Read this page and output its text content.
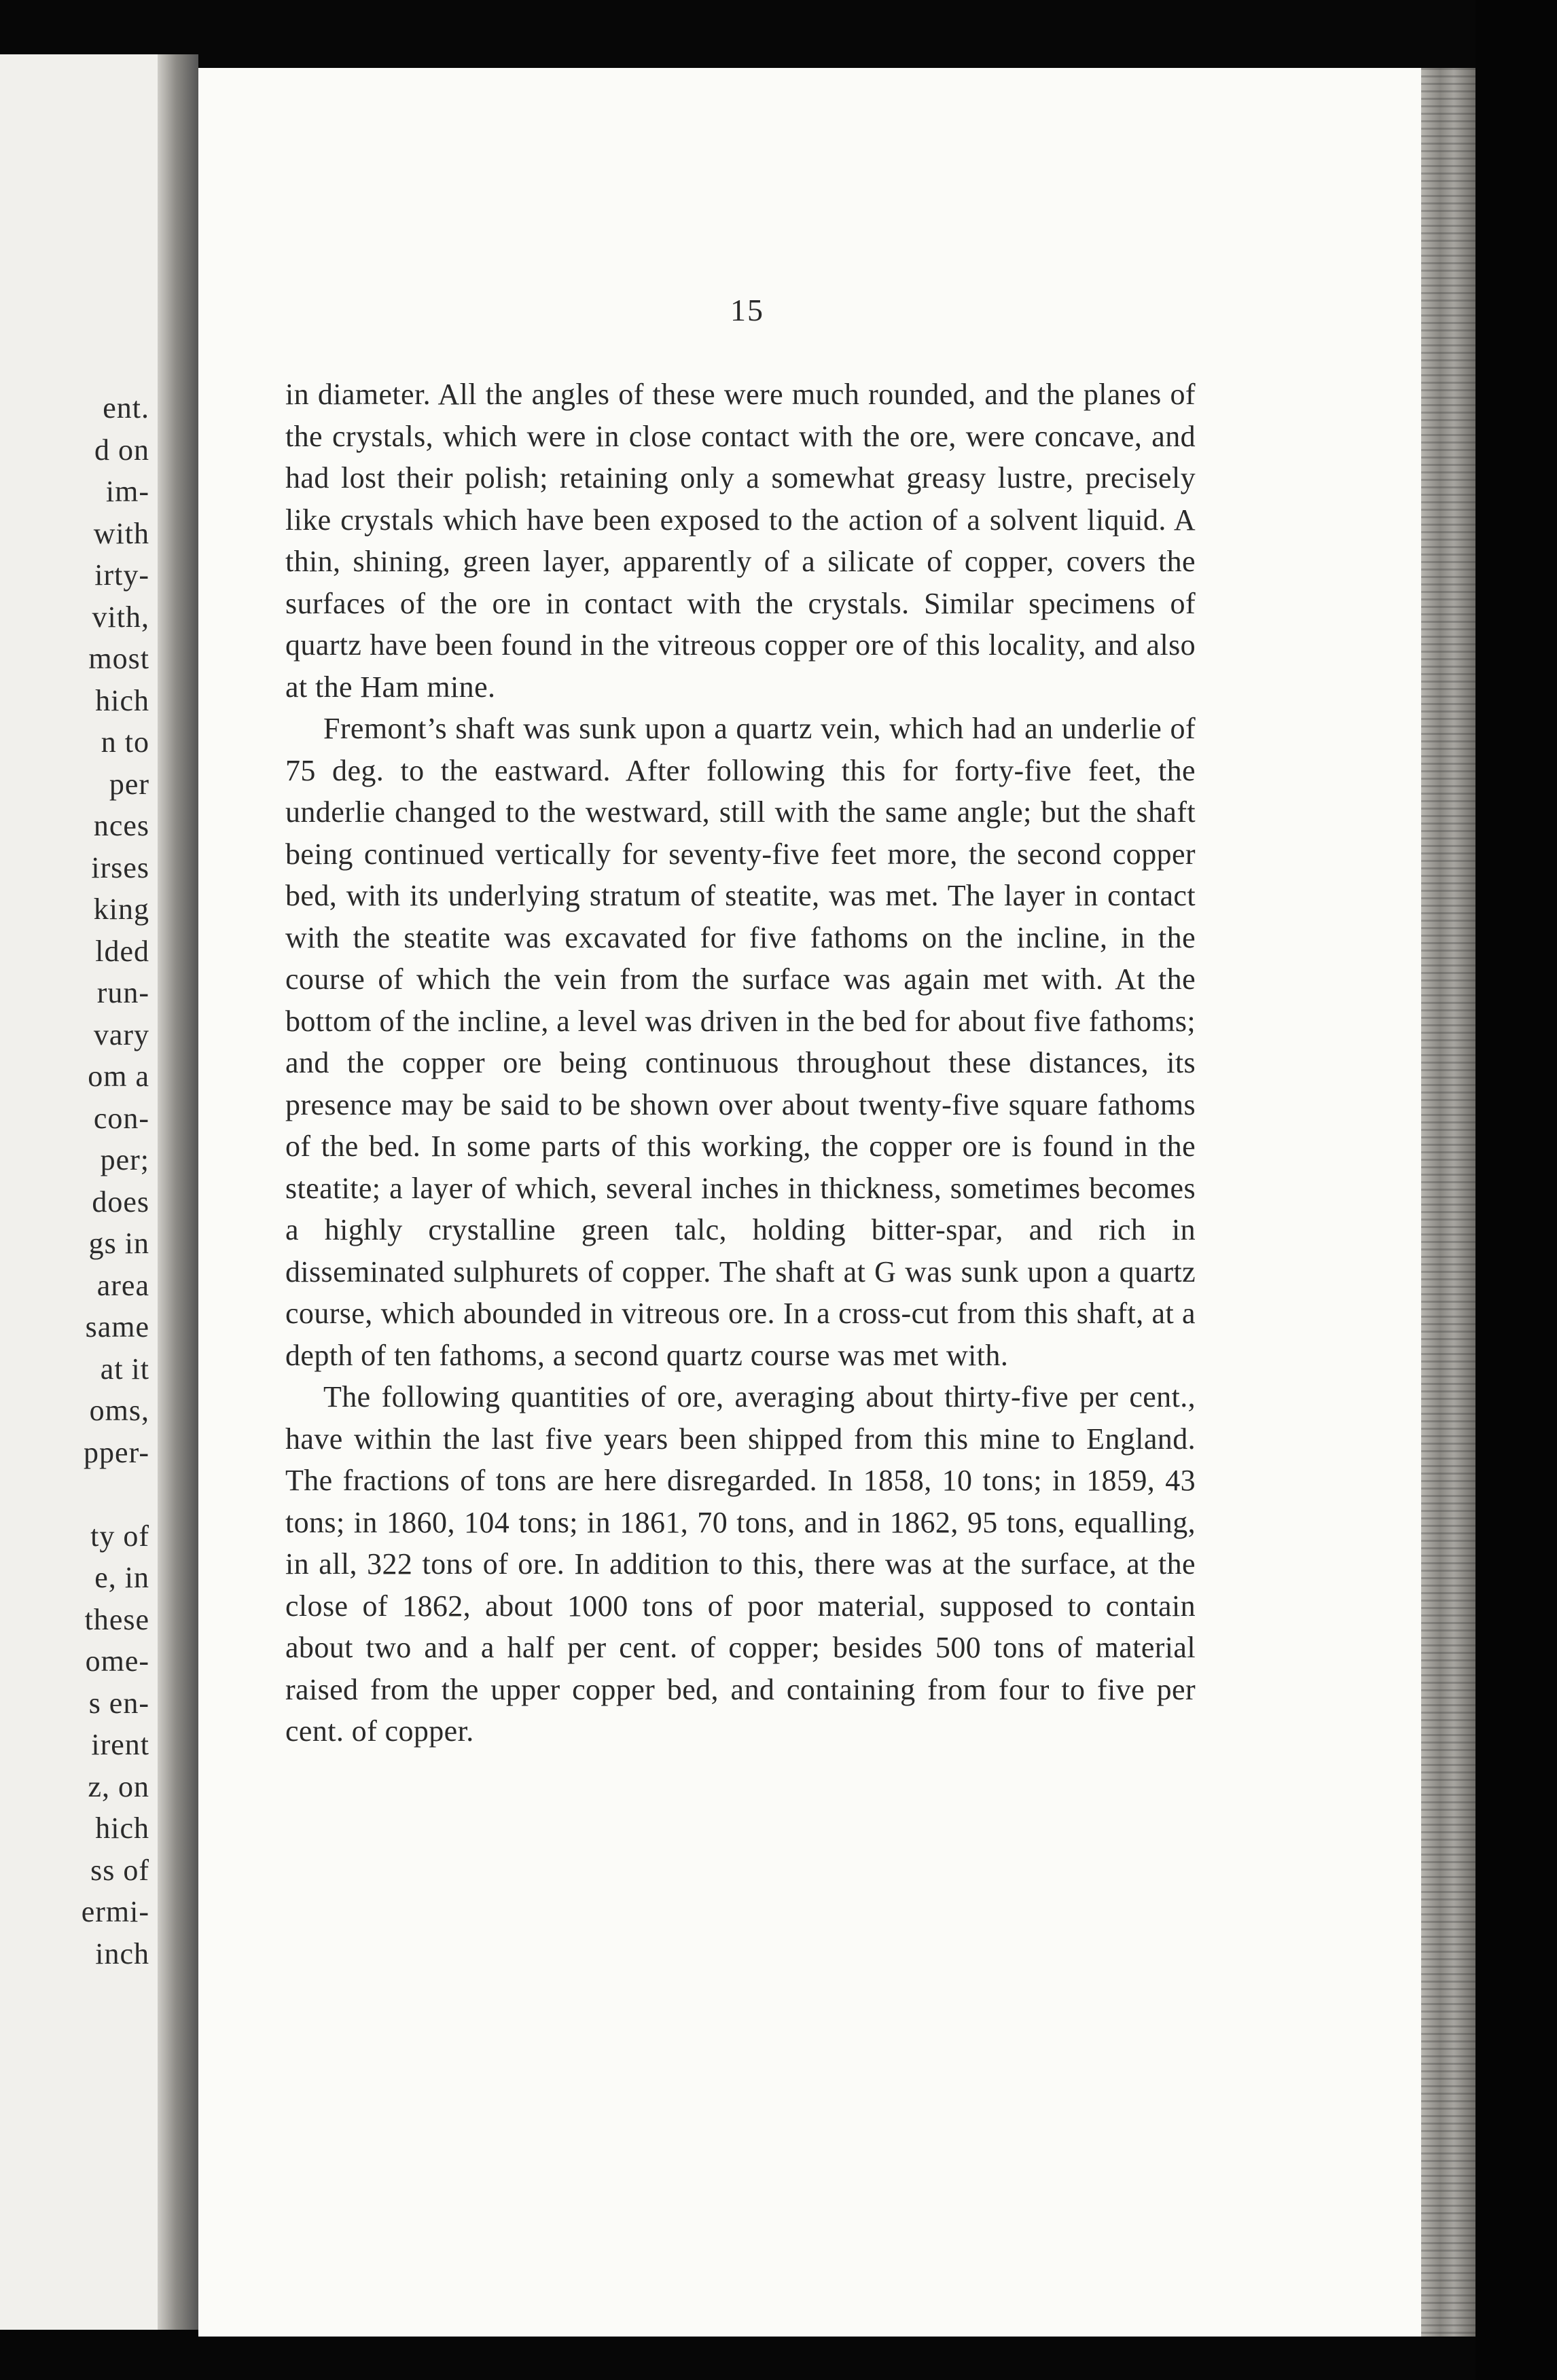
ent.
d on
im-
with
irty-
vith,
most
hich
n to
per
nces
irses
king
lded
run-
vary
om a
con-
per;
does
gs in
area
same
at it
oms,
pper-

ty of
e, in
these
ome-
s en-
irent
z, on
hich
ss of
ermi-
inch
15

in diameter. All the angles of these were much rounded, and the planes of the crystals, which were in close contact with the ore, were concave, and had lost their polish; retaining only a somewhat greasy lustre, precisely like crystals which have been exposed to the action of a solvent liquid. A thin, shining, green layer, apparently of a silicate of copper, covers the surfaces of the ore in contact with the crystals. Similar specimens of quartz have been found in the vitreous copper ore of this locality, and also at the Ham mine.

Fremont’s shaft was sunk upon a quartz vein, which had an underlie of 75 deg. to the eastward. After following this for forty-five feet, the underlie changed to the westward, still with the same angle; but the shaft being continued vertically for seventy-five feet more, the second copper bed, with its underlying stratum of steatite, was met. The layer in contact with the steatite was excavated for five fathoms on the incline, in the course of which the vein from the surface was again met with. At the bottom of the incline, a level was driven in the bed for about five fathoms; and the copper ore being continuous throughout these distances, its presence may be said to be shown over about twenty-five square fathoms of the bed. In some parts of this working, the copper ore is found in the steatite; a layer of which, several inches in thickness, sometimes becomes a highly crystalline green talc, holding bitter-spar, and rich in disseminated sulphurets of copper. The shaft at G was sunk upon a quartz course, which abounded in vitreous ore. In a cross-cut from this shaft, at a depth of ten fathoms, a second quartz course was met with.

The following quantities of ore, averaging about thirty-five per cent., have within the last five years been shipped from this mine to England. The fractions of tons are here disregarded. In 1858, 10 tons; in 1859, 43 tons; in 1860, 104 tons; in 1861, 70 tons, and in 1862, 95 tons, equalling, in all, 322 tons of ore. In addition to this, there was at the surface, at the close of 1862, about 1000 tons of poor material, supposed to contain about two and a half per cent. of copper; besides 500 tons of material raised from the upper copper bed, and containing from four to five per cent. of copper.
